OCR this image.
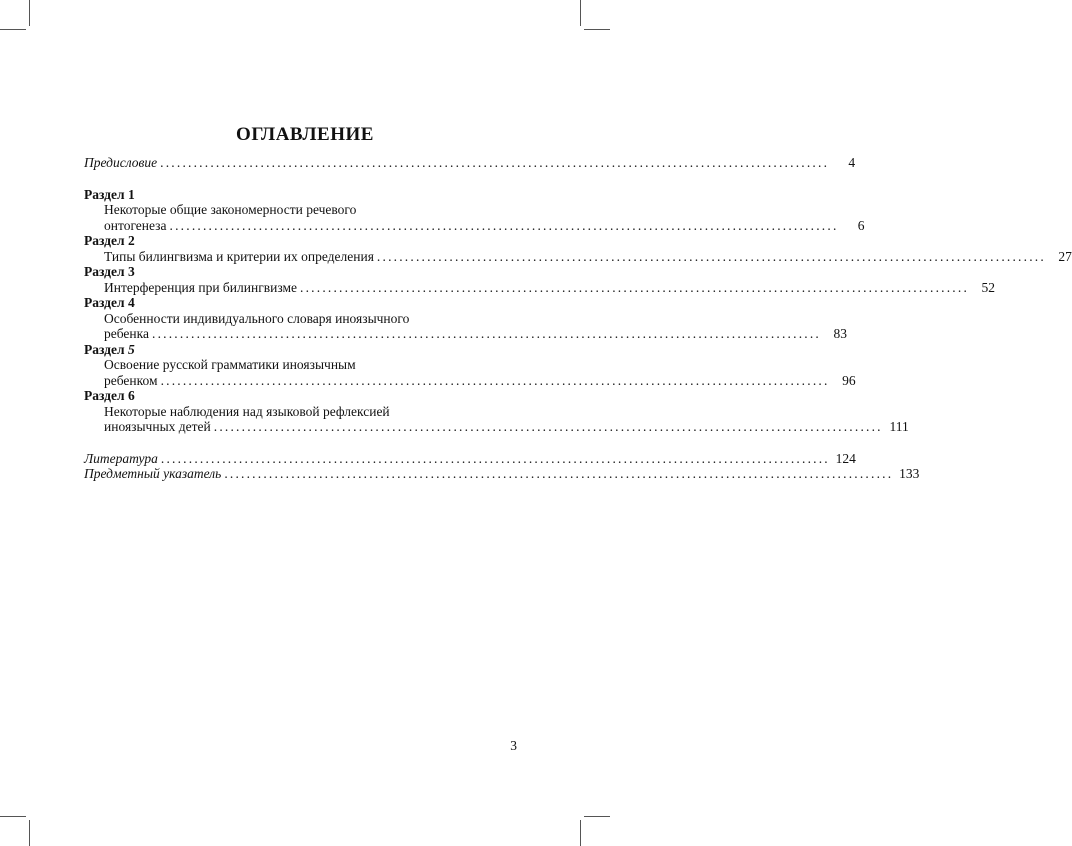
ОГЛАВЛЕНИЕ
Предисловие ........................................................................................................................	4
Раздел 1
Некоторые общие закономерности речевого
онтогенеза ........................................................................................................................	6
Раздел 2
Типы билингвизма и критерии их определения ........................................................................................................................ 27
Раздел 3
Интерференция при билингвизме ........................................................................................................................ 52
Раздел 4
Особенности индивидуального словаря иноязычного
ребенка ........................................................................................................................ 83
Раздел 5
Освоение русской грамматики иноязычным
ребенком ........................................................................................................................ 96
Раздел 6
Некоторые наблюдения над языковой рефлексией
иноязычных детей ........................................................................................................................ 111
Литература ........................................................................................................................ 124
Предметный указатель ........................................................................................................................ 133
3
